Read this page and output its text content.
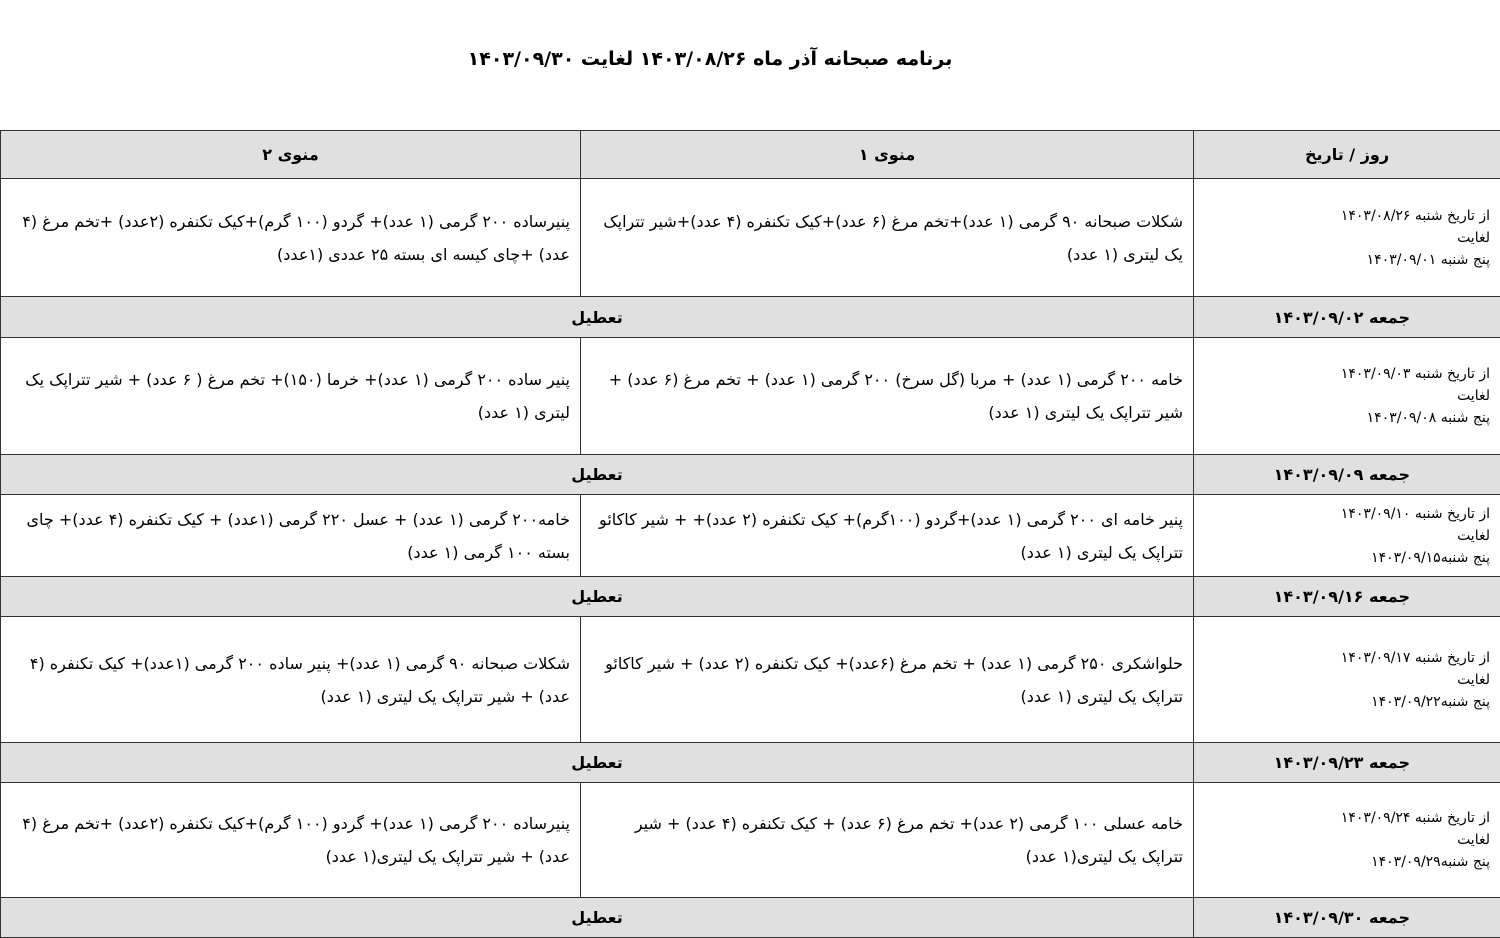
برنامه صبحانه آذر ماه ۱۴۰۳/۰۸/۲۶ لغایت ۱۴۰۳/۰۹/۳۰
روز / تاریخ	منوی ۱	منوی ۲

از تاریخ شنبه ۱۴۰۳/۰۸/۲۶
لغایت
پنج شنبه ۱۴۰۳/۰۹/۰۱	شکلات صبحانه ۹۰ گرمی (۱ عدد)+تخم مرغ (۶ عدد)+کیک تکنفره (۴ عدد)+شیر تتراپک یک لیتری (۱ عدد)	پنیرساده ۲۰۰ گرمی (۱ عدد)+ گردو (۱۰۰ گرم)+کیک تکنفره (۲عدد) +تخم مرغ (۴ عدد) +چای کیسه ای بسته ۲۵ عددی (۱عدد)
جمعه ۱۴۰۳/۰۹/۰۲	تعطیل	

از تاریخ شنبه ۱۴۰۳/۰۹/۰۳
لغایت
پنج شنبه ۱۴۰۳/۰۹/۰۸	خامه ۲۰۰ گرمی (۱ عدد) + مربا (گل سرخ) ۲۰۰ گرمی (۱ عدد) + تخم مرغ (۶ عدد) + شیر تتراپک یک لیتری (۱ عدد)	پنیر ساده ۲۰۰ گرمی (۱ عدد)+ خرما (۱۵۰)+ تخم مرغ ( ۶ عدد) + شیر تتراپک یک لیتری (۱ عدد)
جمعه ۱۴۰۳/۰۹/۰۹	تعطیل	

از تاریخ شنبه ۱۴۰۳/۰۹/۱۰
لغایت
پنج شنبه۱۴۰۳/۰۹/۱۵	پنیر خامه ای ۲۰۰ گرمی (۱ عدد)+گردو (۱۰۰گرم)+ کیک تکنفره (۲ عدد)+ + شیر کاکائو تتراپک یک لیتری (۱ عدد)	خامه۲۰۰ گرمی (۱ عدد) + عسل ۲۲۰ گرمی (۱عدد) + کیک تکنفره (۴ عدد)+ چای بسته ۱۰۰ گرمی (۱ عدد)
جمعه ۱۴۰۳/۰۹/۱۶	تعطیل	

از تاریخ شنبه ۱۴۰۳/۰۹/۱۷
لغایت
پنج شنبه۱۴۰۳/۰۹/۲۲	حلواشکری ۲۵۰ گرمی (۱ عدد) + تخم مرغ (۶عدد)+ کیک تکنفره (۲ عدد) + شیر کاکائو تتراپک یک لیتری (۱ عدد)	شکلات صبحانه ۹۰ گرمی (۱ عدد)+ پنیر ساده ۲۰۰ گرمی (۱عدد)+ کیک تکنفره (۴ عدد) + شیر تتراپک یک لیتری (۱ عدد)
جمعه ۱۴۰۳/۰۹/۲۳	تعطیل	

از تاریخ شنبه ۱۴۰۳/۰۹/۲۴
لغایت
پنج شنبه۱۴۰۳/۰۹/۲۹	خامه عسلی ۱۰۰ گرمی (۲ عدد)+ تخم مرغ (۶ عدد) + کیک تکنفره (۴ عدد) + شیر تتراپک یک لیتری(۱ عدد)	پنیرساده ۲۰۰ گرمی (۱ عدد)+ گردو (۱۰۰ گرم)+کیک تکنفره (۲عدد) +تخم مرغ (۴ عدد) + شیر تتراپک یک لیتری(۱ عدد)
جمعه ۱۴۰۳/۰۹/۳۰	تعطیل	
